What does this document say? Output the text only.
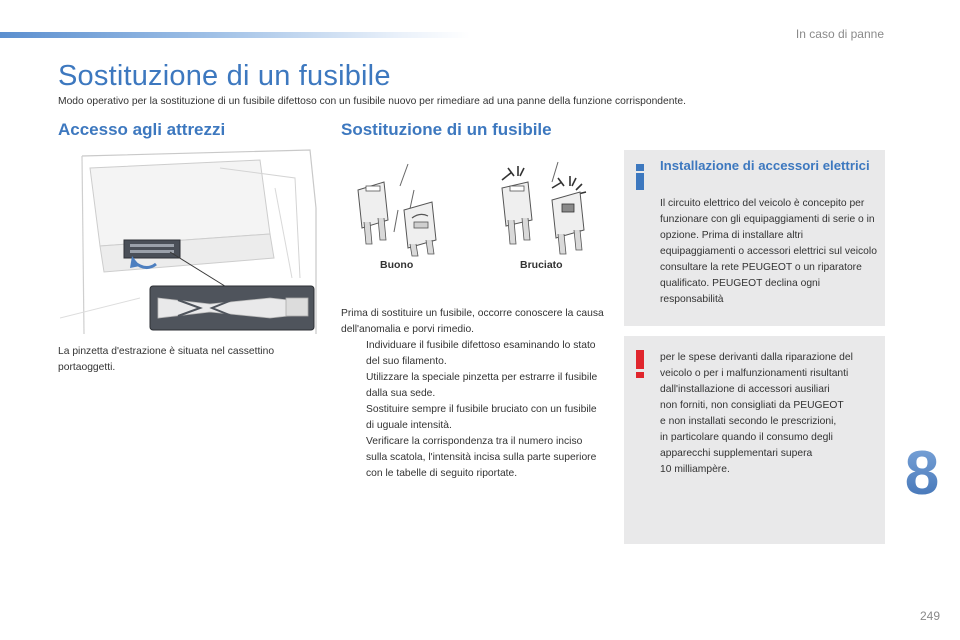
In caso di panne
Sostituzione di un fusibile
Modo operativo per la sostituzione di un fusibile difettoso con un fusibile nuovo per rimediare ad una panne della funzione corrispondente.
Accesso agli attrezzi
La pinzetta d'estrazione è situata nel cassettino portaoggetti.
Sostituzione di un fusibile
Buono	Bruciato

Prima di sostituire un fusibile, occorre conoscere la causa dell'anomalia e porvi rimedio.

Individuare il fusibile difettoso esaminando lo stato del suo filamento.
Utilizzare la speciale pinzetta per estrarre il fusibile dalla sua sede.
Sostituire sempre il fusibile bruciato con un fusibile di uguale intensità.
Verificare la corrispondenza tra il numero inciso sulla scatola, l'intensità incisa sulla parte superiore con le tabelle di seguito riportate.
Installazione di accessori elettrici
Il circuito elettrico del veicolo è concepito per funzionare con gli equipaggiamenti di serie o in opzione. Prima di installare altri equipaggiamenti o accessori elettrici sul veicolo consultare la rete PEUGEOT o un riparatore qualificato. PEUGEOT declina ogni responsabilità
per le spese derivanti dalla riparazione del veicolo o per i malfunzionamenti risultanti dall'installazione di accessori ausiliari
non forniti, non consigliati da PEUGEOT
e non installati secondo le prescrizioni,
in particolare quando il consumo degli
apparecchi supplementari supera
10 milliampère.	8
249
